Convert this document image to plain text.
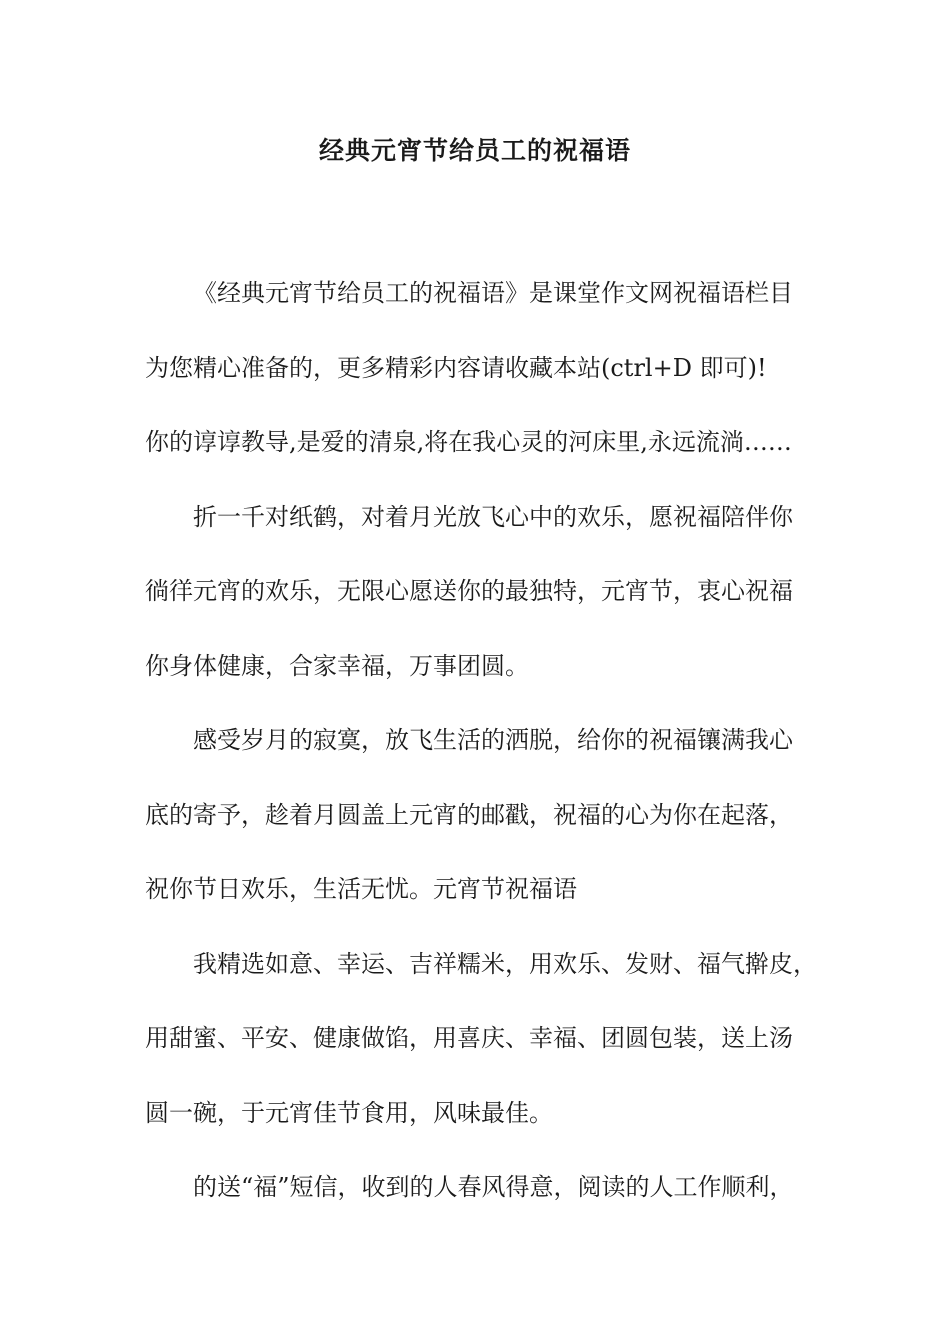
经典元宵节给员工的祝福语

《经典元宵节给员工的祝福语》是课堂作文网祝福语栏目
为您精心准备的，更多精彩内容请收藏本站(ctrl+D 即可)!
你的谆谆教导,是爱的清泉,将在我心灵的河床里,永远流淌……

折一千对纸鹤，对着月光放飞心中的欢乐，愿祝福陪伴你
徜徉元宵的欢乐，无限心愿送你的最独特，元宵节，衷心祝福
你身体健康，合家幸福，万事团圆。

感受岁月的寂寞，放飞生活的洒脱，给你的祝福镶满我心
底的寄予，趁着月圆盖上元宵的邮戳，祝福的心为你在起落，
祝你节日欢乐，生活无忧。元宵节祝福语

我精选如意、幸运、吉祥糯米，用欢乐、发财、福气擀皮，
用甜蜜、平安、健康做馅，用喜庆、幸福、团圆包装，送上汤
圆一碗，于元宵佳节食用，风味最佳。

的送“福”短信，收到的人春风得意，阅读的人工作顺利，
